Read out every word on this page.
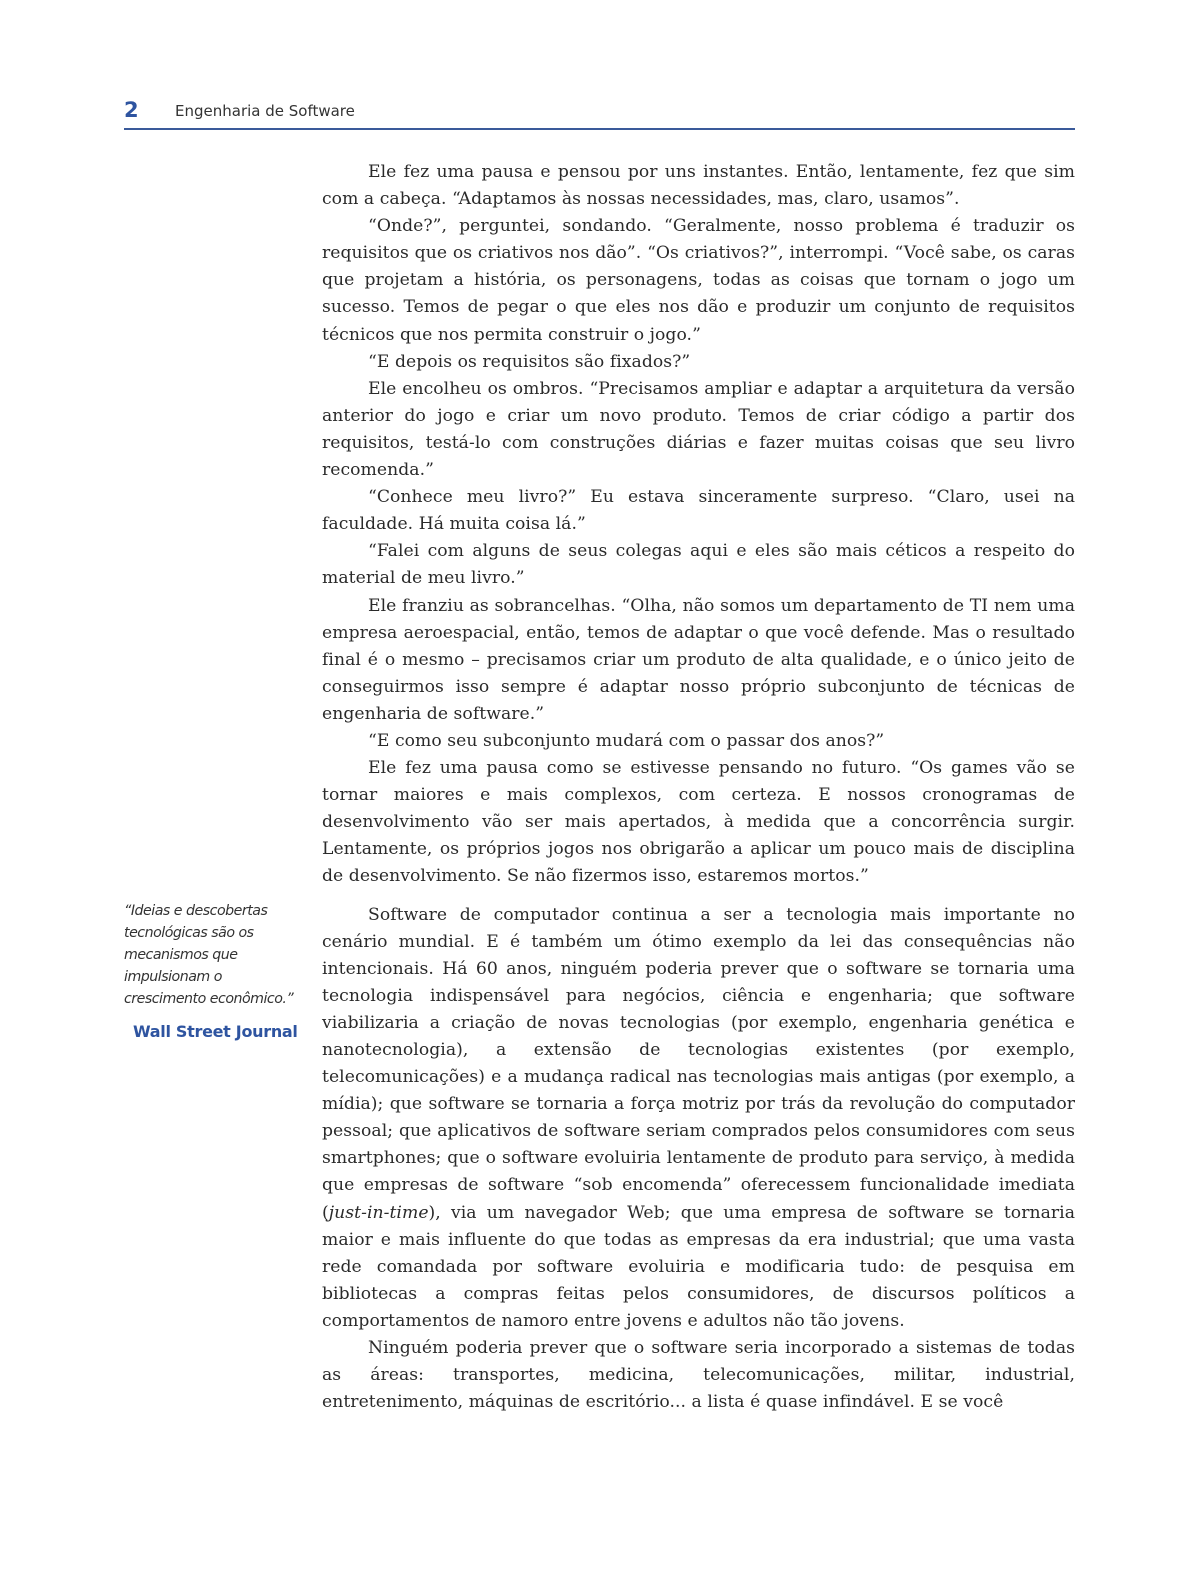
2 Engenharia de Software

Ele fez uma pausa e pensou por uns instantes. Então, lentamente, fez que sim com a cabeça. “Adaptamos às nossas necessidades, mas, claro, usamos”.

“Onde?”, perguntei, sondando. “Geralmente, nosso problema é traduzir os requisitos que os criativos nos dão”. “Os criativos?”, interrompi. “Você sabe, os caras que projetam a história, os personagens, todas as coisas que tornam o jogo um sucesso. Temos de pegar o que eles nos dão e produzir um conjunto de requisitos técnicos que nos permita construir o jogo.”

“E depois os requisitos são fixados?”

Ele encolheu os ombros. “Precisamos ampliar e adaptar a arquitetura da versão anterior do jogo e criar um novo produto. Temos de criar código a partir dos requisitos, testá-lo com construções diárias e fazer muitas coisas que seu livro recomenda.”

“Conhece meu livro?” Eu estava sinceramente surpreso. “Claro, usei na faculdade. Há muita coisa lá.”

“Falei com alguns de seus colegas aqui e eles são mais céticos a respeito do material de meu livro.”

Ele franziu as sobrancelhas. “Olha, não somos um departamento de TI nem uma empresa aeroespacial, então, temos de adaptar o que você defende. Mas o resultado final é o mesmo – precisamos criar um produto de alta qualidade, e o único jeito de conseguirmos isso sempre é adaptar nosso próprio subconjunto de técnicas de engenharia de software.”

“E como seu subconjunto mudará com o passar dos anos?”

Ele fez uma pausa como se estivesse pensando no futuro. “Os games vão se tornar maiores e mais complexos, com certeza. E nossos cronogramas de desenvolvimento vão ser mais apertados, à medida que a concorrência surgir. Lentamente, os próprios jogos nos obrigarão a aplicar um pouco mais de disciplina de desenvolvimento. Se não fizermos isso, estaremos mortos.”

Software de computador continua a ser a tecnologia mais importante no cenário mundial. E é também um ótimo exemplo da lei das consequências não intencionais. Há 60 anos, ninguém poderia prever que o software se tornaria uma tecnologia indispensável para negócios, ciência e engenharia; que software viabilizaria a criação de novas tecnologias (por exemplo, engenharia genética e nanotecnologia), a extensão de tecnologias existentes (por exemplo, telecomunicações) e a mudança radical nas tecnologias mais antigas (por exemplo, a mídia); que software se tornaria a força motriz por trás da revolução do computador pessoal; que aplicativos de software seriam comprados pelos consumidores com seus smartphones; que o software evoluiria lentamente de produto para serviço, à medida que empresas de software “sob encomenda” oferecessem funcionalidade imediata (just-in-time), via um navegador Web; que uma empresa de software se tornaria maior e mais influente do que todas as empresas da era industrial; que uma vasta rede comandada por software evoluiria e modificaria tudo: de pesquisa em bibliotecas a compras feitas pelos consumidores, de discursos políticos a comportamentos de namoro entre jovens e adultos não tão jovens.

Ninguém poderia prever que o software seria incorporado a sistemas de todas as áreas: transportes, medicina, telecomunicações, militar, industrial, entretenimento, máquinas de escritório... a lista é quase infindável. E se você

“Ideias e descobertas tecnológicas são os mecanismos que impulsionam o crescimento econômico.”
Wall Street Journal
